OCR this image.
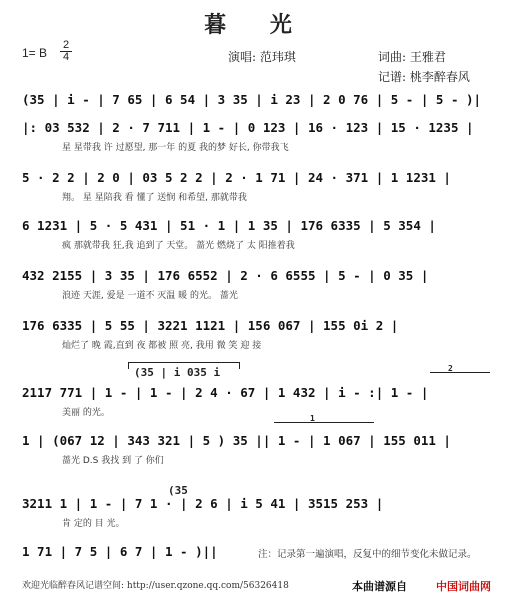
暮 光
1= B
2
4	演唱: 范玮琪	词曲: 王雅君
记谱: 桃李醉春风
(35 | i - | 7 65 | 6 54 | 3 35 | i 23 | 2 0 76 | 5 - | 5 - )|
|: 03 532 | 2 · 7 711 | 1 - | 0 123 | 16 · 123 | 15 · 1235 |
星 星带我 许 过愿望, 那一年 的夏 我的梦 好长, 你带我飞
5 · 2 2 | 2 0 | 03 5 2 2 | 2 · 1 71 | 24 · 371 | 1 1231 |
翔。 星 星陪我 看 懂了 送悯 和希望, 那就带我
6 1231 | 5 · 5 431 | 51 · 1 | 1 35 | 176 6335 | 5 354 |
疯 那就带我 狂,我 追到了 天堂。 蔷光 燃烧了 太 阳推着我
432 2155 | 3 35 | 176 6552 | 2 · 6 6555 | 5 - | 0 35 |
浪迹 天涯, 爱是 一道不 灭温 暖 的光。 蔷光
176 6335 | 5 55 | 3221 1121 | 156 067 | 155 0i 2 |
灿烂了 晚 霞,直到 夜 都被 照 亮, 我用 微 笑 迎 接
2117 771 | 1 - | 1 - | 2 4 · 67 | 1 432 | i - :| 1 - |
美丽 的光。
1 | (067 12 | 343 321 | 5 ) 35 || 1 - | 1 067 | 155 011 |
蔷光 D.S 我找 到 了 你们
3211 1 | 1 - | 7 1 · | 2 6 | i 5 41 | 3515 253 |
肯 定的 目 光。
1 71 | 7 5 | 6 7 | 1 - )||
(35 | i 035 i	2
1
(35
注：记录第一遍演唱，反复中的细节变化未做记录。
欢迎光临醉春风记谱空间: http://user.qzone.qq.com/56326418	本曲谱源自	中国词曲网
